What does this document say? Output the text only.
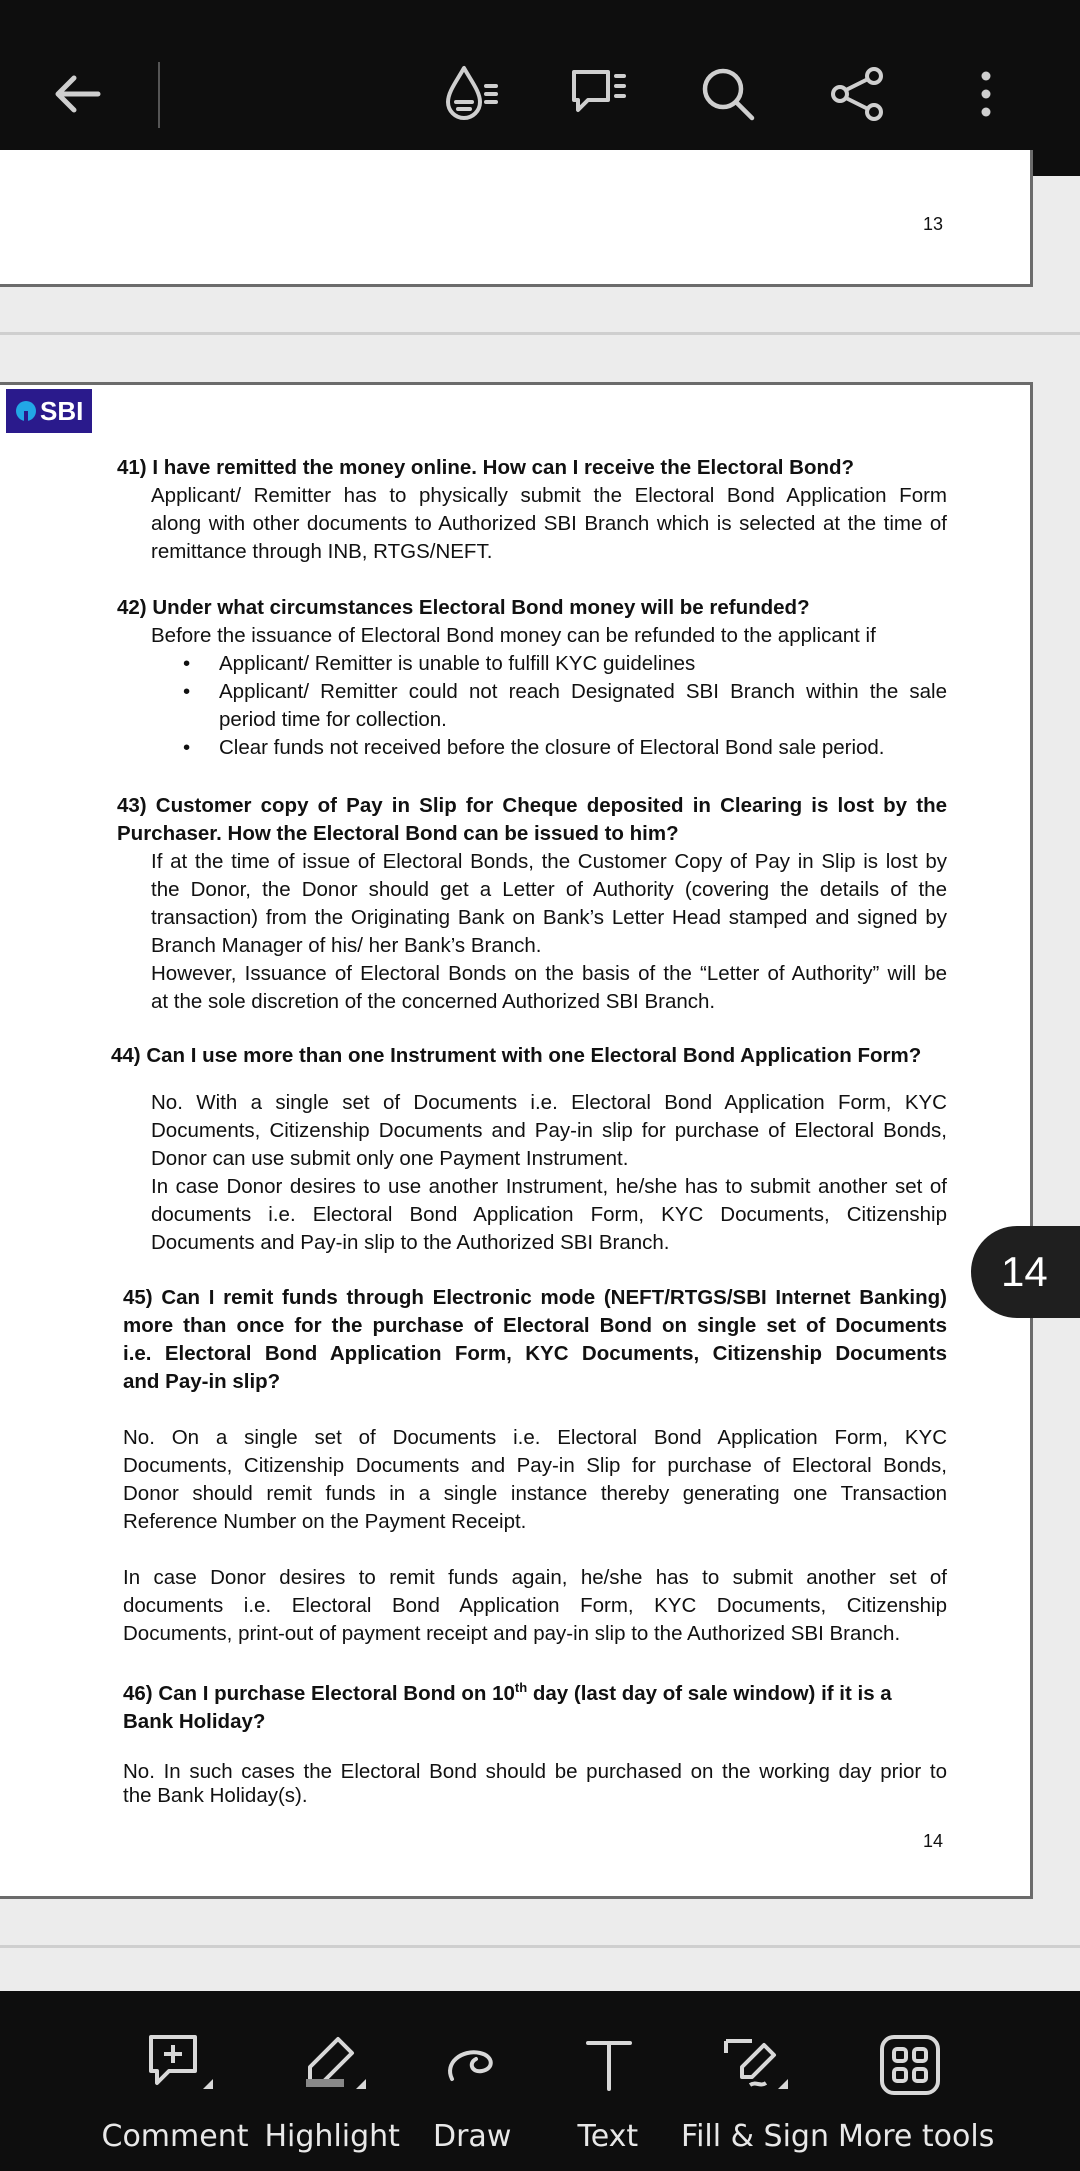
13
SBI
41) I have remitted the money online. How can I receive the Electoral Bond?
Applicant/ Remitter has to physically submit the Electoral Bond Application Form
along with other documents to Authorized SBI Branch which is selected at the time of
remittance through INB, RTGS/NEFT.
42) Under what circumstances Electoral Bond money will be refunded?
Before the issuance of Electoral Bond money can be refunded to the applicant if
• Applicant/ Remitter is unable to fulfill KYC guidelines
• Applicant/ Remitter could not reach Designated SBI Branch within the sale
period time for collection.
• Clear funds not received before the closure of Electoral Bond sale period.
43) Customer copy of Pay in Slip for Cheque deposited in Clearing is lost by the
Purchaser. How the Electoral Bond can be issued to him?
If at the time of issue of Electoral Bonds, the Customer Copy of Pay in Slip is lost by
the Donor, the Donor should get a Letter of Authority (covering the details of the
transaction) from the Originating Bank on Bank’s Letter Head stamped and signed by
Branch Manager of his/ her Bank’s Branch.
However, Issuance of Electoral Bonds on the basis of the “Letter of Authority” will be
at the sole discretion of the concerned Authorized SBI Branch.
44) Can I use more than one Instrument with one Electoral Bond Application Form?
No. With a single set of Documents i.e. Electoral Bond Application Form, KYC
Documents, Citizenship Documents and Pay-in slip for purchase of Electoral Bonds,
Donor can use submit only one Payment Instrument.
In case Donor desires to use another Instrument, he/she has to submit another set of
documents i.e. Electoral Bond Application Form, KYC Documents, Citizenship
Documents and Pay-in slip to the Authorized SBI Branch.
45) Can I remit funds through Electronic mode (NEFT/RTGS/SBI Internet Banking)
more than once for the purchase of Electoral Bond on single set of Documents
i.e. Electoral Bond Application Form, KYC Documents, Citizenship Documents
and Pay-in slip?
No. On a single set of Documents i.e. Electoral Bond Application Form, KYC
Documents, Citizenship Documents and Pay-in Slip for purchase of Electoral Bonds,
Donor should remit funds in a single instance thereby generating one Transaction
Reference Number on the Payment Receipt.
In case Donor desires to remit funds again, he/she has to submit another set of
documents i.e. Electoral Bond Application Form, KYC Documents, Citizenship
Documents, print-out of payment receipt and pay-in slip to the Authorized SBI Branch.
46) Can I purchase Electoral Bond on 10th day (last day of sale window) if it is a
Bank Holiday?
No. In such cases the Electoral Bond should be purchased on the working day prior to
the Bank Holiday(s).
14
14
Comment Highlight Draw Text Fill & Sign More tools
